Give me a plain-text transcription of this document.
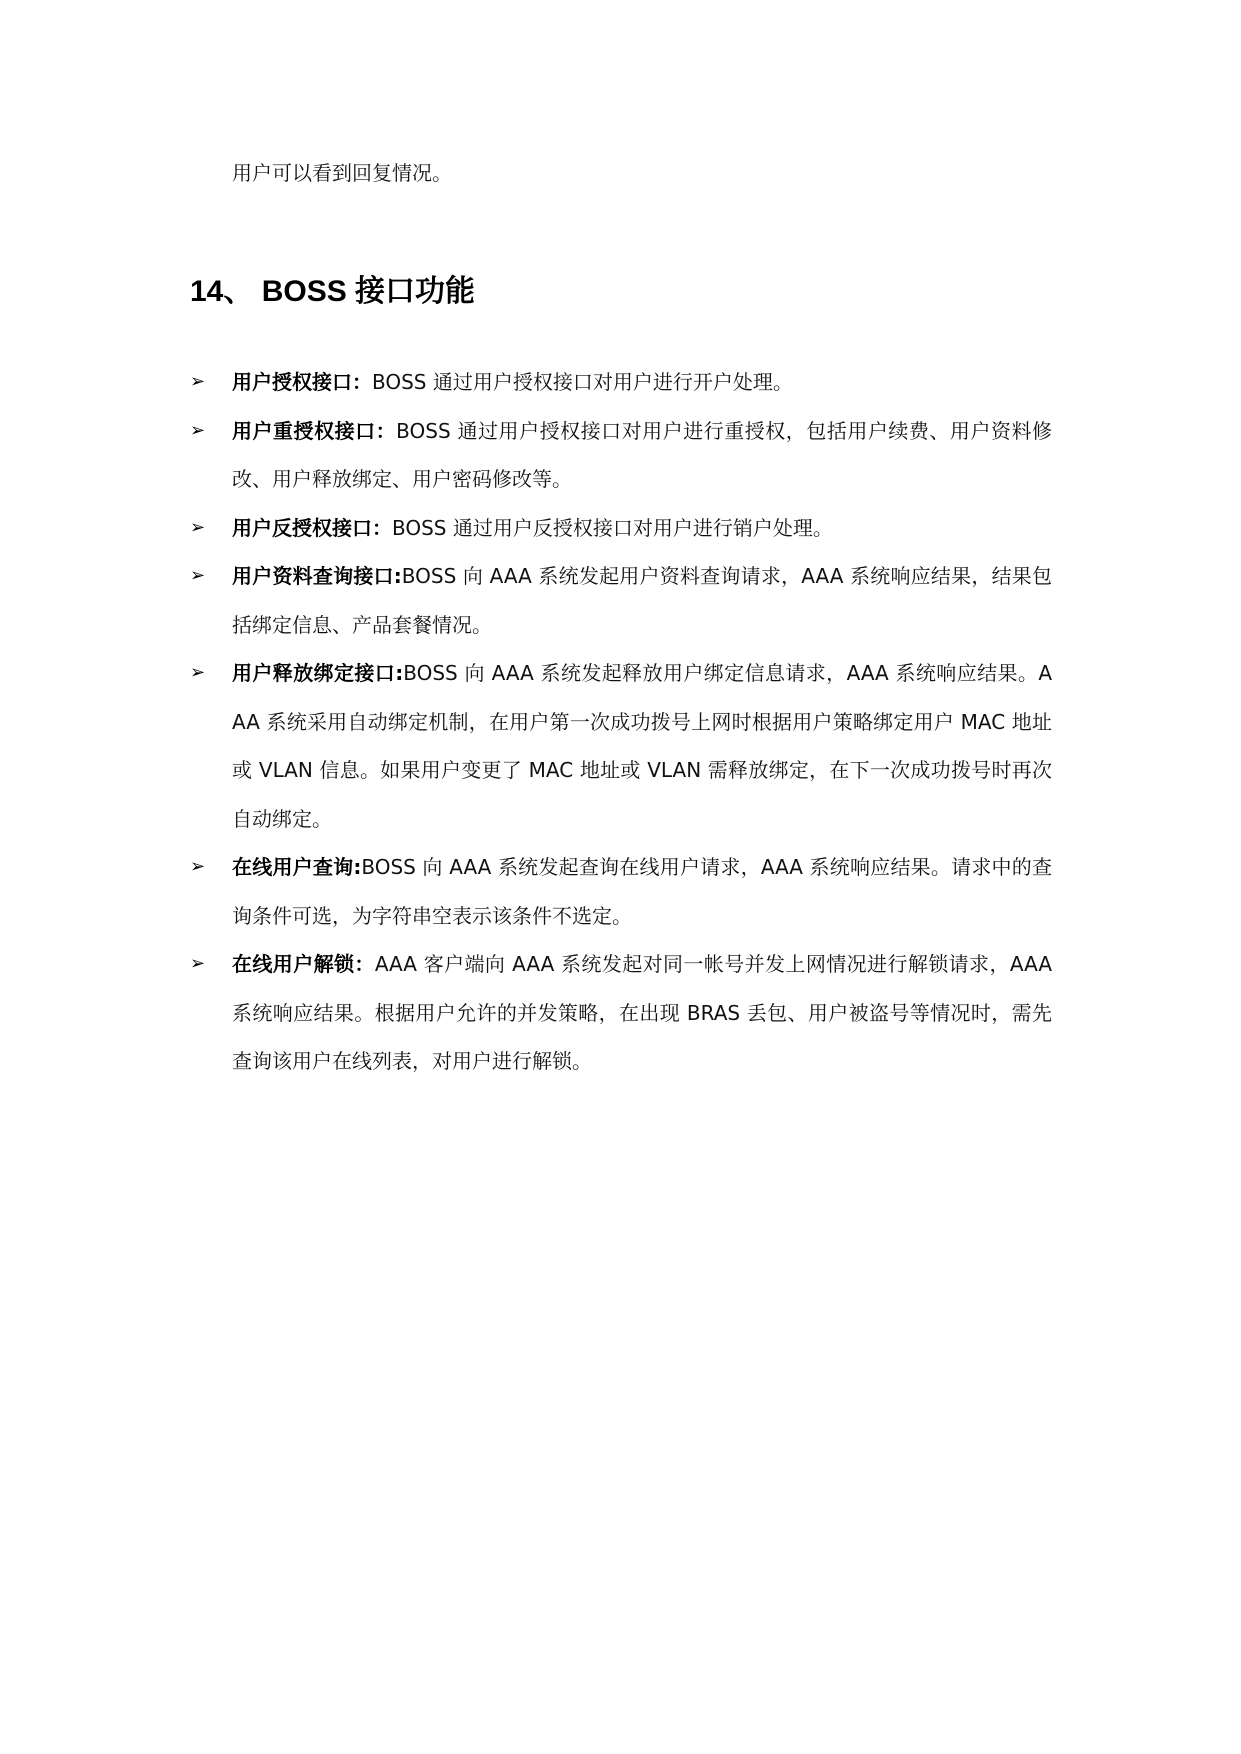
用户可以看到回复情况。
14、 BOSS 接口功能
➢ 用户授权接口：BOSS 通过用户授权接口对用户进行开户处理。
➢ 用户重授权接口：BOSS 通过用户授权接口对用户进行重授权，包括用户续费、用户资料修改、用户释放绑定、用户密码修改等。
➢ 用户反授权接口：BOSS 通过用户反授权接口对用户进行销户处理。
➢ 用户资料查询接口:BOSS 向 AAA 系统发起用户资料查询请求，AAA 系统响应结果，结果包括绑定信息、产品套餐情况。
➢ 用户释放绑定接口:BOSS 向 AAA 系统发起释放用户绑定信息请求，AAA 系统响应结果。AAA 系统采用自动绑定机制，在用户第一次成功拨号上网时根据用户策略绑定用户 MAC 地址或 VLAN 信息。如果用户变更了 MAC 地址或 VLAN 需释放绑定，在下一次成功拨号时再次自动绑定。
➢ 在线用户查询:BOSS 向 AAA 系统发起查询在线用户请求，AAA 系统响应结果。请求中的查询条件可选，为字符串空表示该条件不选定。
➢ 在线用户解锁：AAA 客户端向 AAA 系统发起对同一帐号并发上网情况进行解锁请求，AAA 系统响应结果。根据用户允许的并发策略，在出现 BRAS 丢包、用户被盗号等情况时，需先查询该用户在线列表，对用户进行解锁。
